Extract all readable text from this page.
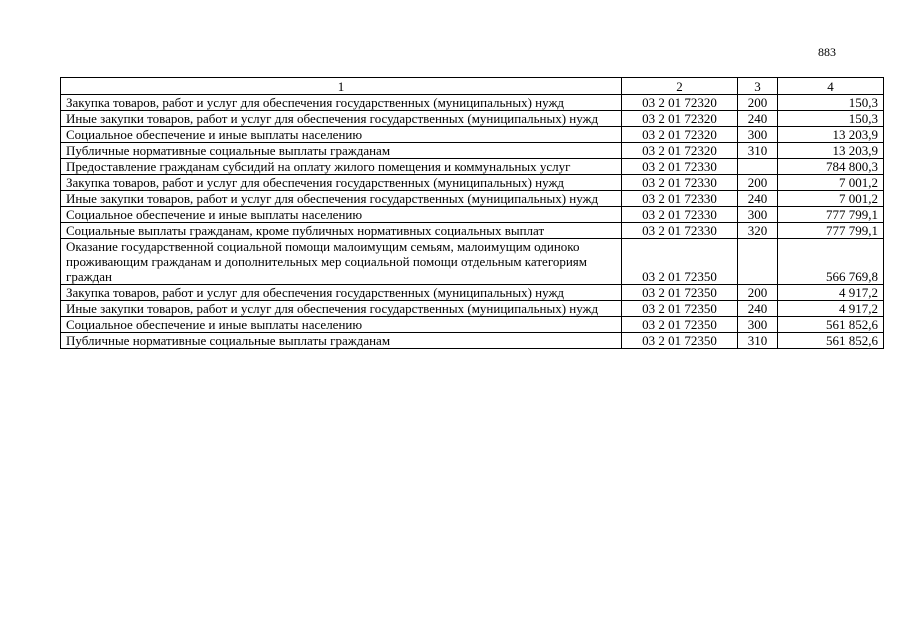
883
1	2	3	4
Закупка товаров, работ и услуг для обеспечения государственных (муниципальных) нужд	03 2 01 72320	200	150,3
Иные закупки товаров, работ и услуг для обеспечения государственных (муниципальных) нужд	03 2 01 72320	240	150,3
Социальное обеспечение и иные выплаты населению	03 2 01 72320	300	13 203,9
Публичные нормативные социальные выплаты гражданам	03 2 01 72320	310	13 203,9
Предоставление гражданам субсидий на оплату жилого помещения и коммунальных услуг	03 2 01 72330		784 800,3
Закупка товаров, работ и услуг для обеспечения государственных (муниципальных) нужд	03 2 01 72330	200	7 001,2
Иные закупки товаров, работ и услуг для обеспечения государственных (муниципальных) нужд	03 2 01 72330	240	7 001,2
Социальное обеспечение и иные выплаты населению	03 2 01 72330	300	777 799,1
Социальные выплаты гражданам, кроме публичных нормативных социальных выплат	03 2 01 72330	320	777 799,1
Оказание государственной социальной помощи малоимущим семьям, малоимущим одиноко проживающим гражданам и дополнительных мер социальной помощи отдельным категориям граждан	03 2 01 72350		566 769,8
Закупка товаров, работ и услуг для обеспечения государственных (муниципальных) нужд	03 2 01 72350	200	4 917,2
Иные закупки товаров, работ и услуг для обеспечения государственных (муниципальных) нужд	03 2 01 72350	240	4 917,2
Социальное обеспечение и иные выплаты населению	03 2 01 72350	300	561 852,6
Публичные нормативные социальные выплаты гражданам	03 2 01 72350	310	561 852,6
